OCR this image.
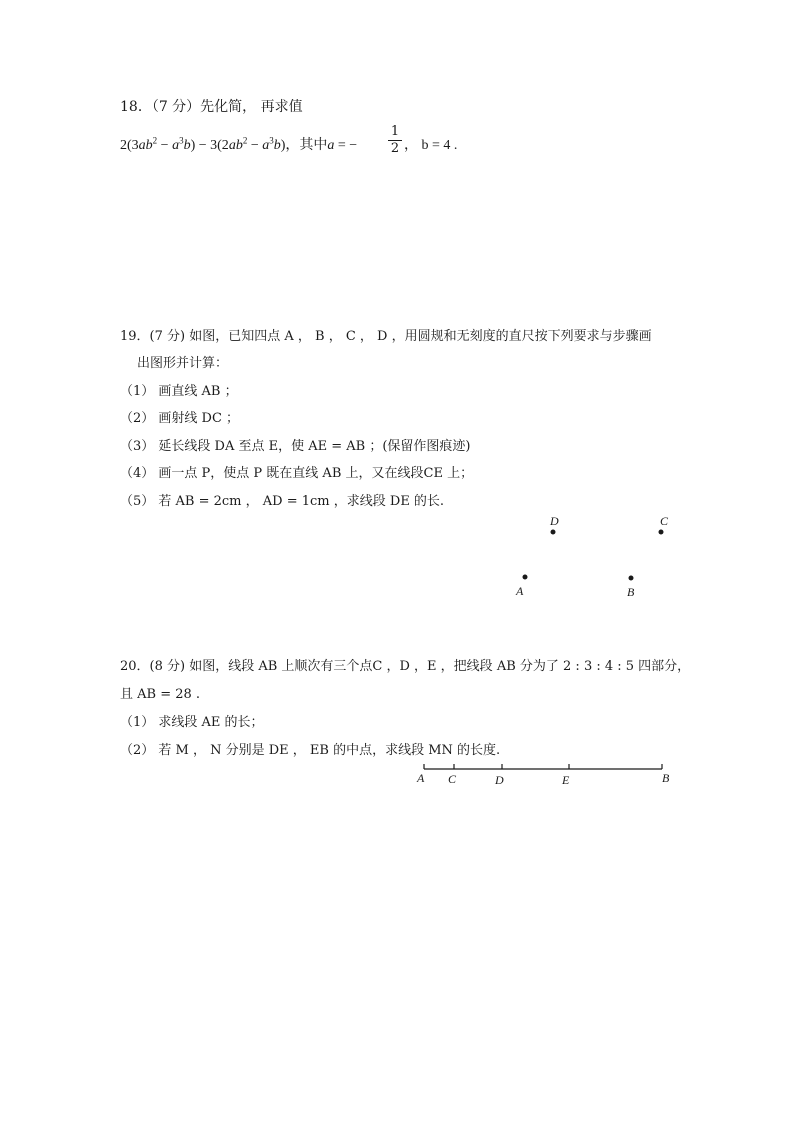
18．（7 分）先化简， 再求值
$2(3ab^2 - a^3b) - 3(2ab^2 - a^3b)$，其中a = −
1
2 ， b = 4 .
19．(7 分) 如图，已知四点 A ， B ， C ， D ，用圆规和无刻度的直尺按下列要求与步骤画
出图形并计算：
（1） 画直线 AB ；
（2） 画射线 DC ；
（3） 延长线段 DA 至点 E，使 AE = AB ；(保留作图痕迹)
（4） 画一点 P，使点 P 既在直线 AB 上，又在线段CE 上；
（5） 若 AB = 2cm ， AD = 1cm ，求线段 DE 的长.
D	C
A	B
20．(8 分) 如图，线段 AB 上顺次有三个点C ，D ，E ，把线段 AB 分为了 2 : 3 : 4 : 5 四部分，
且 AB = 28 .
（1） 求线段 AE 的长；
（2） 若 M ， N 分别是 DE ， EB 的中点，求线段 MN 的长度.
A C	D	E	B
